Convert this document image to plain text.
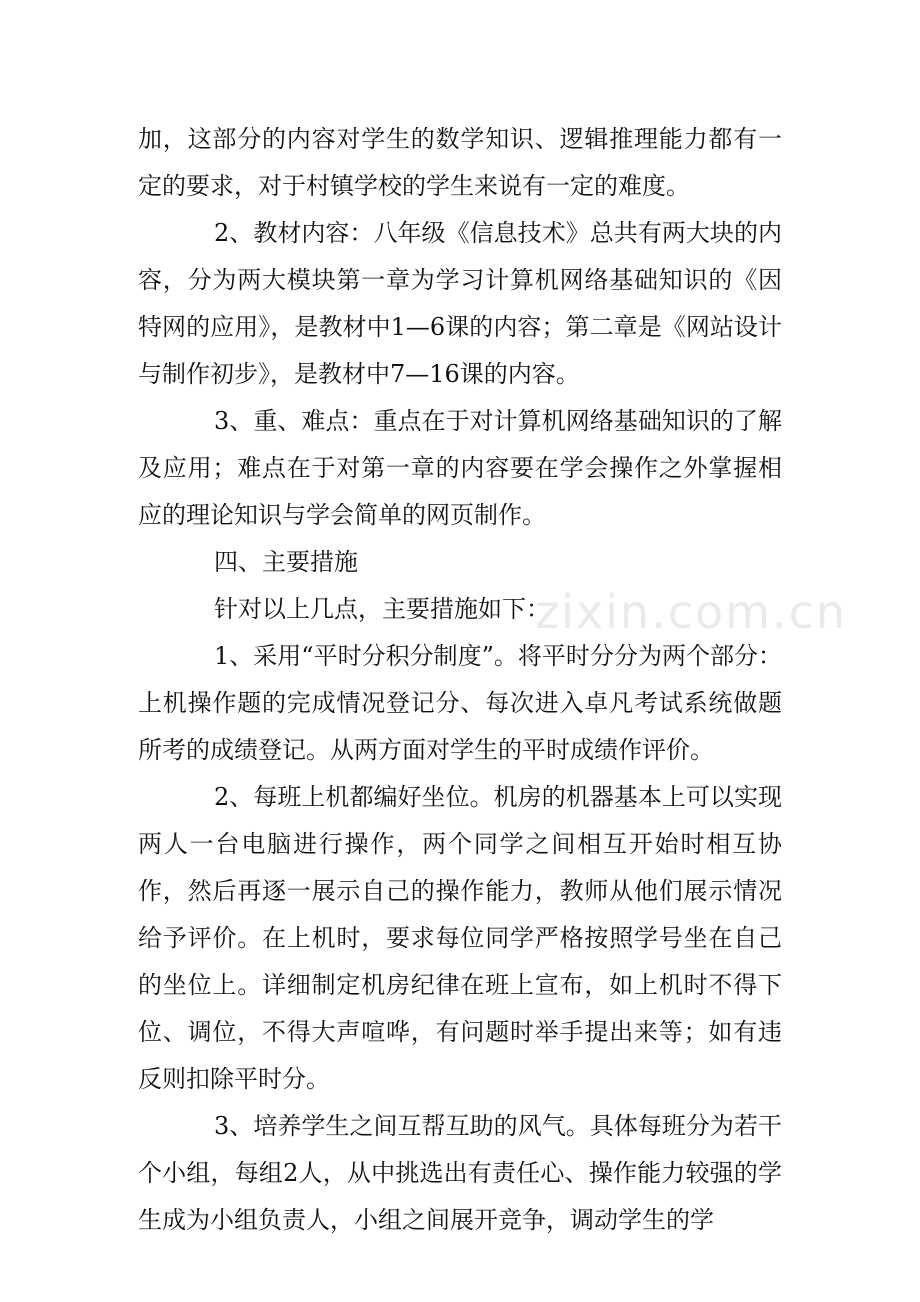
加，这部分的内容对学生的数学知识、逻辑推理能力都有一定的要求，对于村镇学校的学生来说有一定的难度。

2、教材内容：八年级《信息技术》总共有两大块的内容，分为两大模块第一章为学习计算机网络基础知识的《因特网的应用》，是教材中1—6课的内容；第二章是《网站设计与制作初步》，是教材中7—16课的内容。

3、重、难点：重点在于对计算机网络基础知识的了解及应用；难点在于对第一章的内容要在学会操作之外掌握相应的理论知识与学会简单的网页制作。

四、主要措施

针对以上几点，主要措施如下：

1、采用“平时分积分制度”。将平时分分为两个部分：上机操作题的完成情况登记分、每次进入卓凡考试系统做题所考的成绩登记。从两方面对学生的平时成绩作评价。

2、每班上机都编好坐位。机房的机器基本上可以实现两人一台电脑进行操作，两个同学之间相互开始时相互协作，然后再逐一展示自己的操作能力，教师从他们展示情况给予评价。在上机时，要求每位同学严格按照学号坐在自己的坐位上。详细制定机房纪律在班上宣布，如上机时不得下位、调位，不得大声喧哗，有问题时举手提出来等；如有违反则扣除平时分。

3、培养学生之间互帮互助的风气。具体每班分为若干个小组，每组2人，从中挑选出有责任心、操作能力较强的学生成为小组负责人，小组之间展开竞争，调动学生的学

zixin.com.cn
